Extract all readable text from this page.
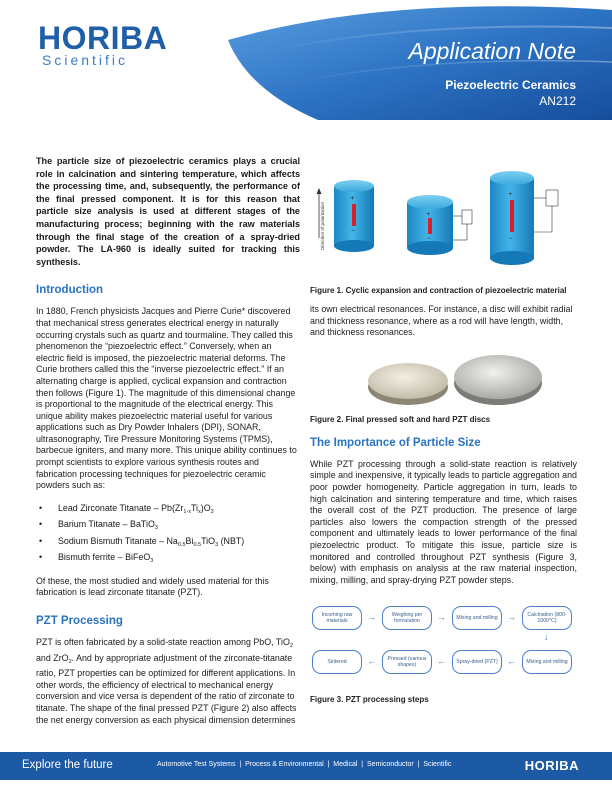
HORIBA
Scientific	Application Note
Piezoelectric Ceramics
AN212

The particle size of piezoelectric ceramics plays a crucial role in calcination and sintering temperature, which affects the processing time, and, subsequently, the performance of the final pressed component. It is for this reason that particle size analysis is used at different stages of the manufacturing process; beginning with the raw materials through the final stage of the creation of a spray-dried powder. The LA-960 is ideally suited for tracking this synthesis.

Introduction

In 1880, French physicists Jacques and Pierre Curie* discovered that mechanical stress generates electrical energy in naturally occurring crystals such as quartz and tourmaline. They called this phenomenon the “piezoelectric effect.” Conversely, when an electric field is imposed, the piezoelectric material deforms. The Curie brothers called this the “inverse piezoelectric effect.” If an alternating charge is applied, cyclical expansion and contraction then follows (Figure 1). The magnitude of this dimensional change is proportional to the magnitude of the electrical energy. This unique ability makes piezoelectric material useful for various applications such as Dry Powder Inhalers (DPI), SONAR, ultrasonography, Tire Pressure Monitoring Systems (TPMS), barbecue igniters, and many more. This unique ability continues to prompt scientists to explore various synthesis routes and fabrication processing techniques for piezoelectric ceramic powders such as:

• Lead Zirconate Titanate – $Pb(Zr_{1-x}Ti_x)O_3$
• Barium Titanate – BaTiO$_3$
• Sodium Bismuth Titanate – $Na_{0.5}Bi_{0.5}TiO_3$ (NBT)
• Bismuth ferrite – BiFeO$_3$

Of these, the most studied and widely used material for this fabrication is lead zirconate titanate (PZT).

PZT Processing

PZT is often fabricated by a solid-state reaction among PbO, TiO$_2$ and ZrO$_2$. And by appropriate adjustment of the zirconate-titanate ratio, PZT properties can be optimized for different applications. In other words, the efficiency of electrical to mechanical energy conversion and vice versa is dependent of the ratio of zirconate to titanate. The shape of the final pressed PZT (Figure 2) also affects the net energy conversion as each physical dimension determines

Direction of polarization
+
−
+
−
+
−

Figure 1. Cyclic expansion and contraction of piezoelectric material

its own electrical resonances. For instance, a disc will exhibit radial and thickness resonance, where as a rod will have length, width, and thickness resonances.

Figure 2. Final pressed soft and hard PZT discs

The Importance of Particle Size

While PZT processing through a solid-state reaction is relatively simple and inexpensive, it typically leads to particle aggregation and poor powder homogeneity. Particle aggregation in turn, leads to high calcination and sintering temperature and time, which raises the overall cost of the PZT production. The presence of large particles also lowers the compaction strength of the pressed component and ultimately leads to lower performance of the final piezoelectric product. To mitigate this issue, particle size is monitored and controlled throughout PZT synthesis (Figure 3, below) with emphasis on analysis at the raw material inspection, mixing, milling, and spray-drying PZT powder steps.

Incoming raw materials	→	Weighing per formulation	→	Mixing and milling	→	Calcination (800-1000°C)
↓
Mixing and milling
←
Spray-dried (PZT)
←
Pressed (various shapes)
←
Sintered

Figure 3. PZT processing steps

Explore the future	Automotive Test Systems | Process & Environmental | Medical | Semiconductor | Scientific	HORIBA
